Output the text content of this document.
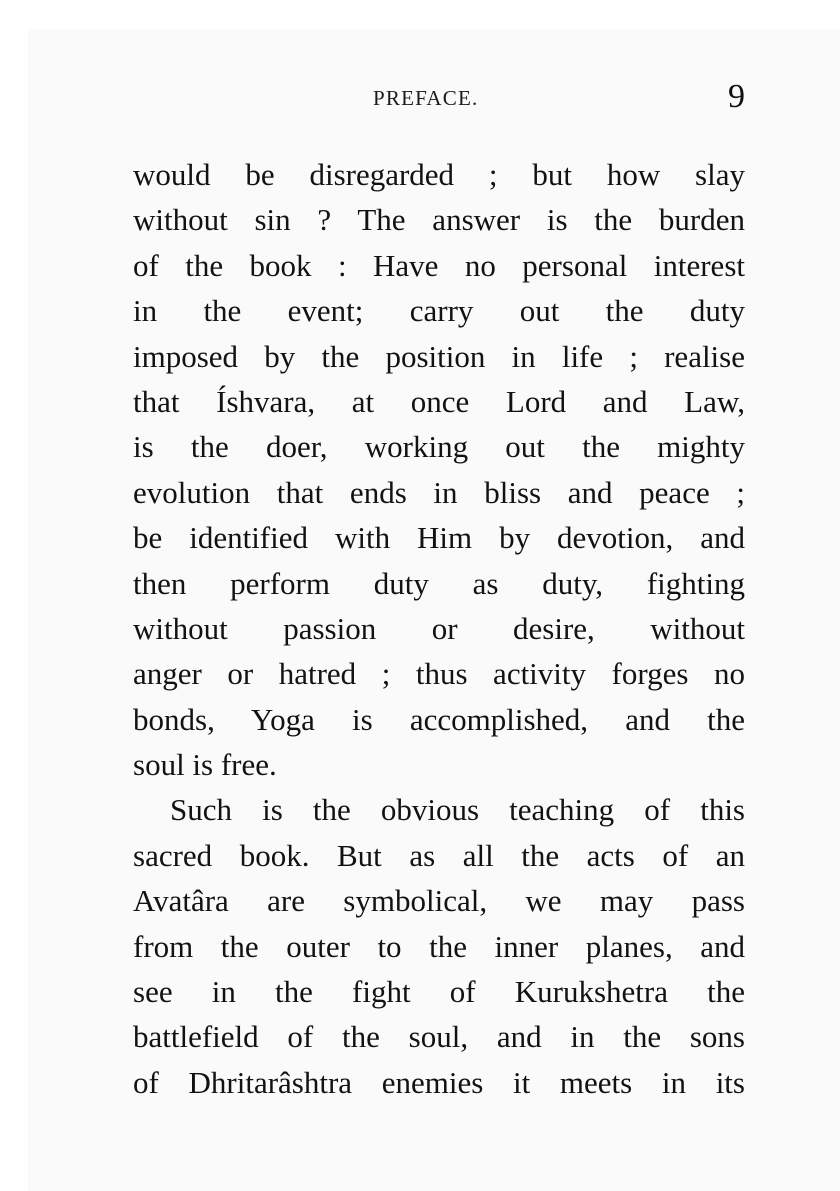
PREFACE.	9
would be disregarded ; but how slay
without sin ? The answer is the burden
of the book : Have no personal interest
in the event; carry out the duty
imposed by the position in life ; realise
that Íshvara, at once Lord and Law,
is the doer, working out the mighty
evolution that ends in bliss and peace ;
be identified with Him by devotion, and
then perform duty as duty, fighting
without passion or desire, without
anger or hatred ; thus activity forges no
bonds, Yoga is accomplished, and the
soul is free.
Such is the obvious teaching of this
sacred book. But as all the acts of an
Avatâra are symbolical, we may pass
from the outer to the inner planes, and
see in the fight of Kurukshetra the
battlefield of the soul, and in the sons
of Dhritarâshtra enemies it meets in its
